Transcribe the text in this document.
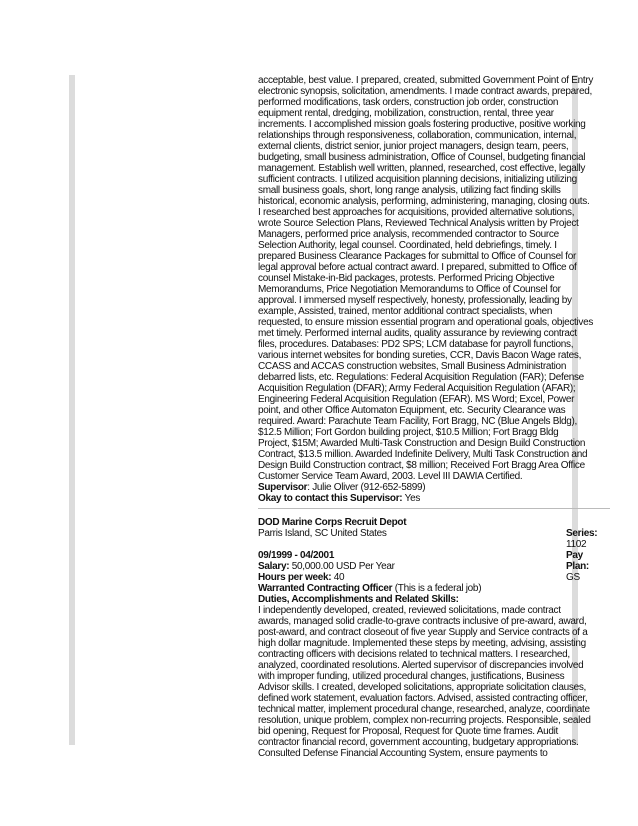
acceptable, best value. I prepared, created, submitted Government Point of Entry
electronic synopsis, solicitation, amendments. I made contract awards, prepared,
performed modifications, task orders, construction job order, construction
equipment rental, dredging, mobilization, construction, rental, three year
increments. I accomplished mission goals fostering productive, positive working
relationships through responsiveness, collaboration, communication, internal,
external clients, district senior, junior project managers, design team, peers,
budgeting, small business administration, Office of Counsel, budgeting financial
management. Establish well written, planned, researched, cost effective, legally
sufficient contracts. I utilized acquisition planning decisions, initializing utilizing
small business goals, short, long range analysis, utilizing fact finding skills
historical, economic analysis, performing, administering, managing, closing outs.
I researched best approaches for acquisitions, provided alternative solutions,
wrote Source Selection Plans, Reviewed Technical Analysis written by Project
Managers, performed price analysis, recommended contractor to Source
Selection Authority, legal counsel. Coordinated, held debriefings, timely. I
prepared Business Clearance Packages for submittal to Office of Counsel for
legal approval before actual contract award. I prepared, submitted to Office of
counsel Mistake-in-Bid packages, protests. Performed Pricing Objective
Memorandums, Price Negotiation Memorandums to Office of Counsel for
approval. I immersed myself respectively, honesty, professionally, leading by
example, Assisted, trained, mentor additional contract specialists, when
requested, to ensure mission essential program and operational goals, objectives
met timely. Performed internal audits, quality assurance by reviewing contract
files, procedures. Databases: PD2 SPS; LCM database for payroll functions,
various internet websites for bonding sureties, CCR, Davis Bacon Wage rates,
CCASS and ACCAS construction websites, Small Business Administration
debarred lists, etc. Regulations: Federal Acquisition Regulation (FAR); Defense
Acquisition Regulation (DFAR); Army Federal Acquisition Regulation (AFAR);
Engineering Federal Acquisition Regulation (EFAR). MS Word; Excel, Power
point, and other Office Automaton Equipment, etc. Security Clearance was
required. Award: Parachute Team Facility, Fort Bragg, NC (Blue Angels Bldg),
$12.5 Million; Fort Gordon building project, $10.5 Million; Fort Bragg Bldg
Project, $15M; Awarded Multi-Task Construction and Design Build Construction
Contract, $13.5 million. Awarded Indefinite Delivery, Multi Task Construction and
Design Build Construction contract, $8 million; Received Fort Bragg Area Office
Customer Service Team Award, 2003. Level III DAWIA Certified.
Supervisor: Julie Oliver (912-652-5899)
Okay to contact this Supervisor: Yes
DOD Marine Corps Recruit Depot
Parris Island, SC United States
09/1999 - 04/2001
Salary: 50,000.00 USD Per Year
Hours per week: 40
Series:
1102
Pay
Plan:
GS
Warranted Contracting Officer (This is a federal job)
Duties, Accomplishments and Related Skills:
I independently developed, created, reviewed solicitations, made contract
awards, managed solid cradle-to-grave contracts inclusive of pre-award, award,
post-award, and contract closeout of five year Supply and Service contracts of a
high dollar magnitude. Implemented these steps by meeting, advising, assisting
contracting officers with decisions related to technical matters. I researched,
analyzed, coordinated resolutions. Alerted supervisor of discrepancies involved
with improper funding, utilized procedural changes, justifications, Business
Advisor skills. I created, developed solicitations, appropriate solicitation clauses,
defined work statement, evaluation factors. Advised, assisted contracting officer,
technical matter, implement procedural change, researched, analyze, coordinate
resolution, unique problem, complex non-recurring projects. Responsible, sealed
bid opening, Request for Proposal, Request for Quote time frames. Audit
contractor financial record, government accounting, budgetary appropriations.
Consulted Defense Financial Accounting System, ensure payments to
